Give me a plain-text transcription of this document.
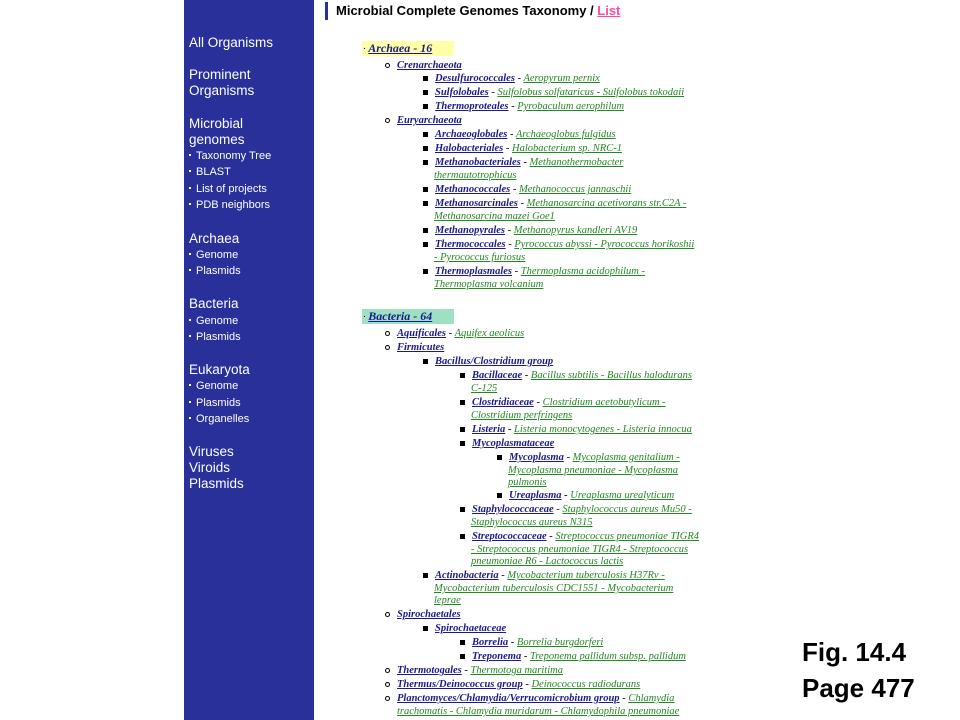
All Organisms
Prominent Organisms
Microbial genomes
Taxonomy Tree
BLAST
List of projects
PDB neighbors
Archaea
Genome
Plasmids
Bacteria
Genome
Plasmids
Eukaryota
Genome
Plasmids
Organelles
Viruses Viroids Plasmids
Microbial Complete Genomes Taxonomy / List
· Archaea - 16
Crenarchaeota
Desulfurococcales - Aeropyrum pernix
Sulfolobales - Sulfolobus solfataricus - Sulfolobus tokodaii
Thermoproteales - Pyrobaculum aerophilum
Euryarchaeota
Archaeoglobales - Archaeoglobus fulgidus
Halobacteriales - Halobacterium sp. NRC-1
Methanobacteriales - Methanothermobacter
thermautotrophicus
Methanococcales - Methanococcus jannaschii
Methanosarcinales - Methanosarcina acetivorans str.C2A -
Methanosarcina mazei Goe1
Methanopyrales - Methanopyrus kandleri AV19
Thermococcales - Pyrococcus abyssi - Pyrococcus horikoshii
- Pyrococcus furiosus
Thermoplasmales - Thermoplasma acidophilum -
Thermoplasma volcanium
· Bacteria - 64
Aquificales - Aquifex aeolicus
Firmicutes
Bacillus/Clostridium group
Bacillaceae - Bacillus subtilis - Bacillus halodurans
C-125
Clostridiaceae - Clostridium acetobutylicum -
Clostridium perfringens
Listeria - Listeria monocytogenes - Listeria innocua
Mycoplasmataceae
Mycoplasma - Mycoplasma genitalium -
Mycoplasma pneumoniae - Mycoplasma
pulmonis
Ureaplasma - Ureaplasma urealyticum
Staphylococcaceae - Staphylococcus aureus Mu50 -
Staphylococcus aureus N315
Streptococcaceae - Streptococcus pneumoniae TIGR4
- Streptococcus pneumoniae TIGR4 - Streptococcus
pneumoniae R6 - Lactococcus lactis
Actinobacteria - Mycobacterium tuberculosis H37Rv -
Mycobacterium tuberculosis CDC1551 - Mycobacterium
leprae
Spirochaetales
Spirochaetaceae
Borrelia - Borrelia burgdorferi
Treponema - Treponema pallidum subsp. pallidum
Thermotogales - Thermotoga maritima
Thermus/Deinococcus group - Deinococcus radiodurans
Planctomyces/Chlamydia/Verrucomicrobium group - Chlamydia
trachomatis - Chlamydia muridarum - Chlamydophila pneumoniae
Fig. 14.4
Page 477
